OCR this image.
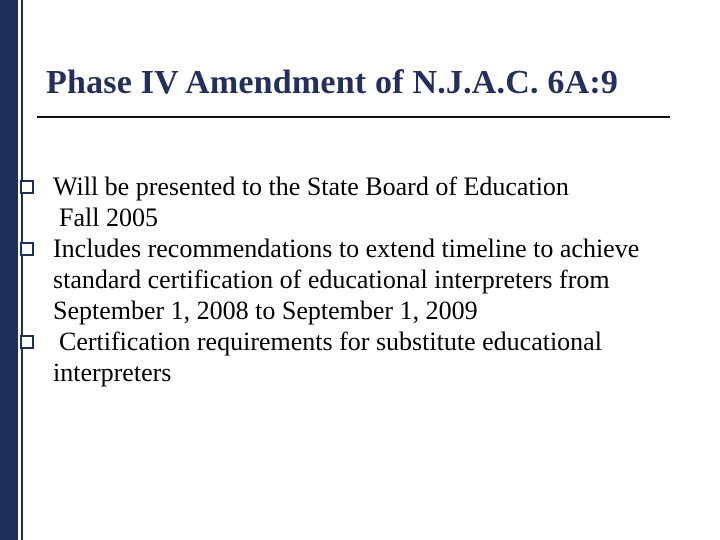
Phase IV Amendment of N.J.A.C. 6A:9
Will be presented to the State Board of Education
Fall 2005
Includes recommendations to extend timeline to achieve
standard certification of educational interpreters from
September 1, 2008 to September 1, 2009
Certification requirements for substitute educational
interpreters
